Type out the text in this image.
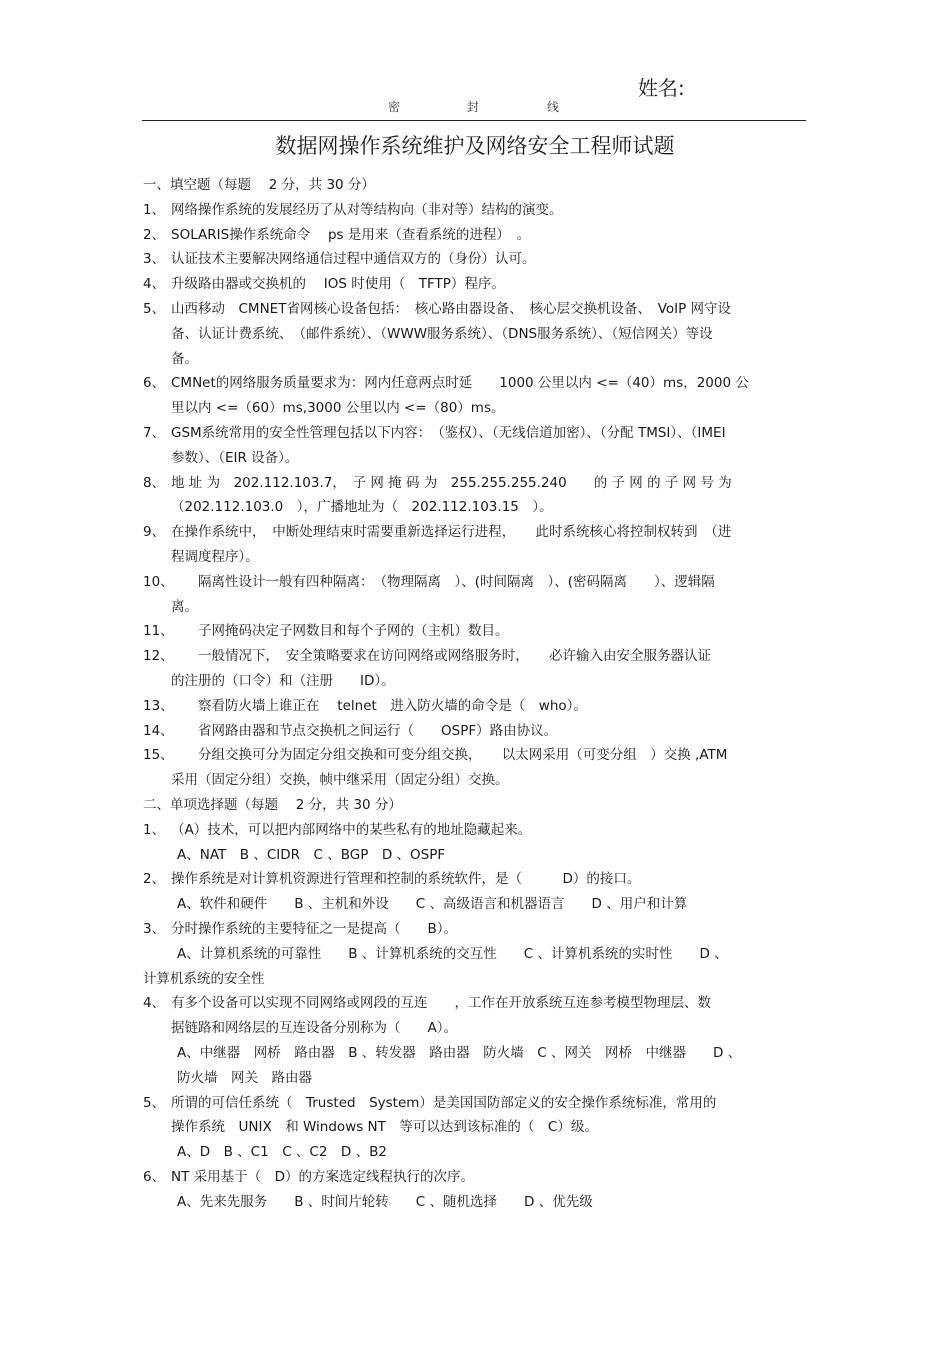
姓名:
密	封	线
数据网操作系统维护及网络安全工程师试题
一、填空题（每题　 2 分，共 30 分）
1、 网络操作系统的发展经历了从对等结构向（非对等）结构的演变。
2、 SOLARIS操作系统命令　 ps 是用来（查看系统的进程）　。
3、 认证技术主要解决网络通信过程中通信双方的（身份）认可。
4、 升级路由器或交换机的　 IOS 时使用（　TFTP）程序。
5、 山西移动　CMNET省网核心设备包括：　核心路由器设备、　核心层交换机设备、　VoIP 网守设
备、认证计费系统、　（邮件系统）、（WWW服务系统）、（DNS服务系统）、（短信网关）等设
备。
6、 CMNet的网络服务质量要求为：网内任意两点时延　　1000 公里以内 <=（40）ms，2000 公
里以内 <=（60）ms,3000 公里以内 <=（80）ms。
7、 GSM系统常用的安全性管理包括以下内容：　（鉴权）、（无线信道加密）、（分配 TMSI）、（IMEI
参数）、（EIR 设备）。
8、 地 址 为　202.112.103.7，　子 网 掩 码 为　255.255.255.240　　的 子 网 的 子 网 号 为
（202.112.103.0　），广播地址为（　202.112.103.15　）。
9、 在操作系统中，　中断处理结束时需要重新选择运行进程，　　此时系统核心将控制权转到　（进
程调度程序）。
10、
　　隔离性设计一般有四种隔离：　（物理隔离　）、(时间隔离　）、(密码隔离　　）、逻辑隔
离。
11、
　　子网掩码决定子网数目和每个子网的（主机）数目。
12、
　　一般情况下，　安全策略要求在访问网络或网络服务时，　　必许输入由安全服务器认证
的注册的（口令）和（注册　　ID）。
13、
　　察看防火墙上谁正在　 telnet　进入防火墙的命令是（　who）。
14、
　　省网路由器和节点交换机之间运行（　　OSPF）路由协议。
15、
　　分组交换可分为固定分组交换和可变分组交换，　　以太网采用（可变分组　）交换 ,ATM
采用（固定分组）交换，帧中继采用（固定分组）交换。
二、单项选择题（每题　 2 分，共 30 分）
1、 （A）技术，可以把内部网络中的某些私有的地址隐藏起来。
A、NAT　B 、CIDR　C 、BGP　D 、OSPF
2、 操作系统是对计算机资源进行管理和控制的系统软件，是（　　　D）的接口。
A、软件和硬件　　B 、主机和外设　　C 、高级语言和机器语言　　D 、用户和计算
3、 分时操作系统的主要特征之一是提高（　　B）。
A、计算机系统的可靠性　　B 、计算机系统的交互性　　C 、计算机系统的实时性　　D 、
计算机系统的安全性
4、 有多个设备可以实现不同网络或网段的互连　　，工作在开放系统互连参考模型物理层、数
据链路和网络层的互连设备分别称为（　　A）。
A、中继器　网桥　路由器　B 、转发器　路由器　防火墙　C 、网关　网桥　中继器　　D 、
防火墙　网关　路由器
5、 所谓的可信任系统（　Trusted　System）是美国国防部定义的安全操作系统标准，常用的
操作系统　UNIX　和 Windows NT　等可以达到该标准的（　C）级。
A、D　B 、C1　C 、C2　D 、B2
6、 NT 采用基于（　D）的方案选定线程执行的次序。
A、先来先服务　　B 、时间片轮转　　C 、随机选择　　D 、优先级
